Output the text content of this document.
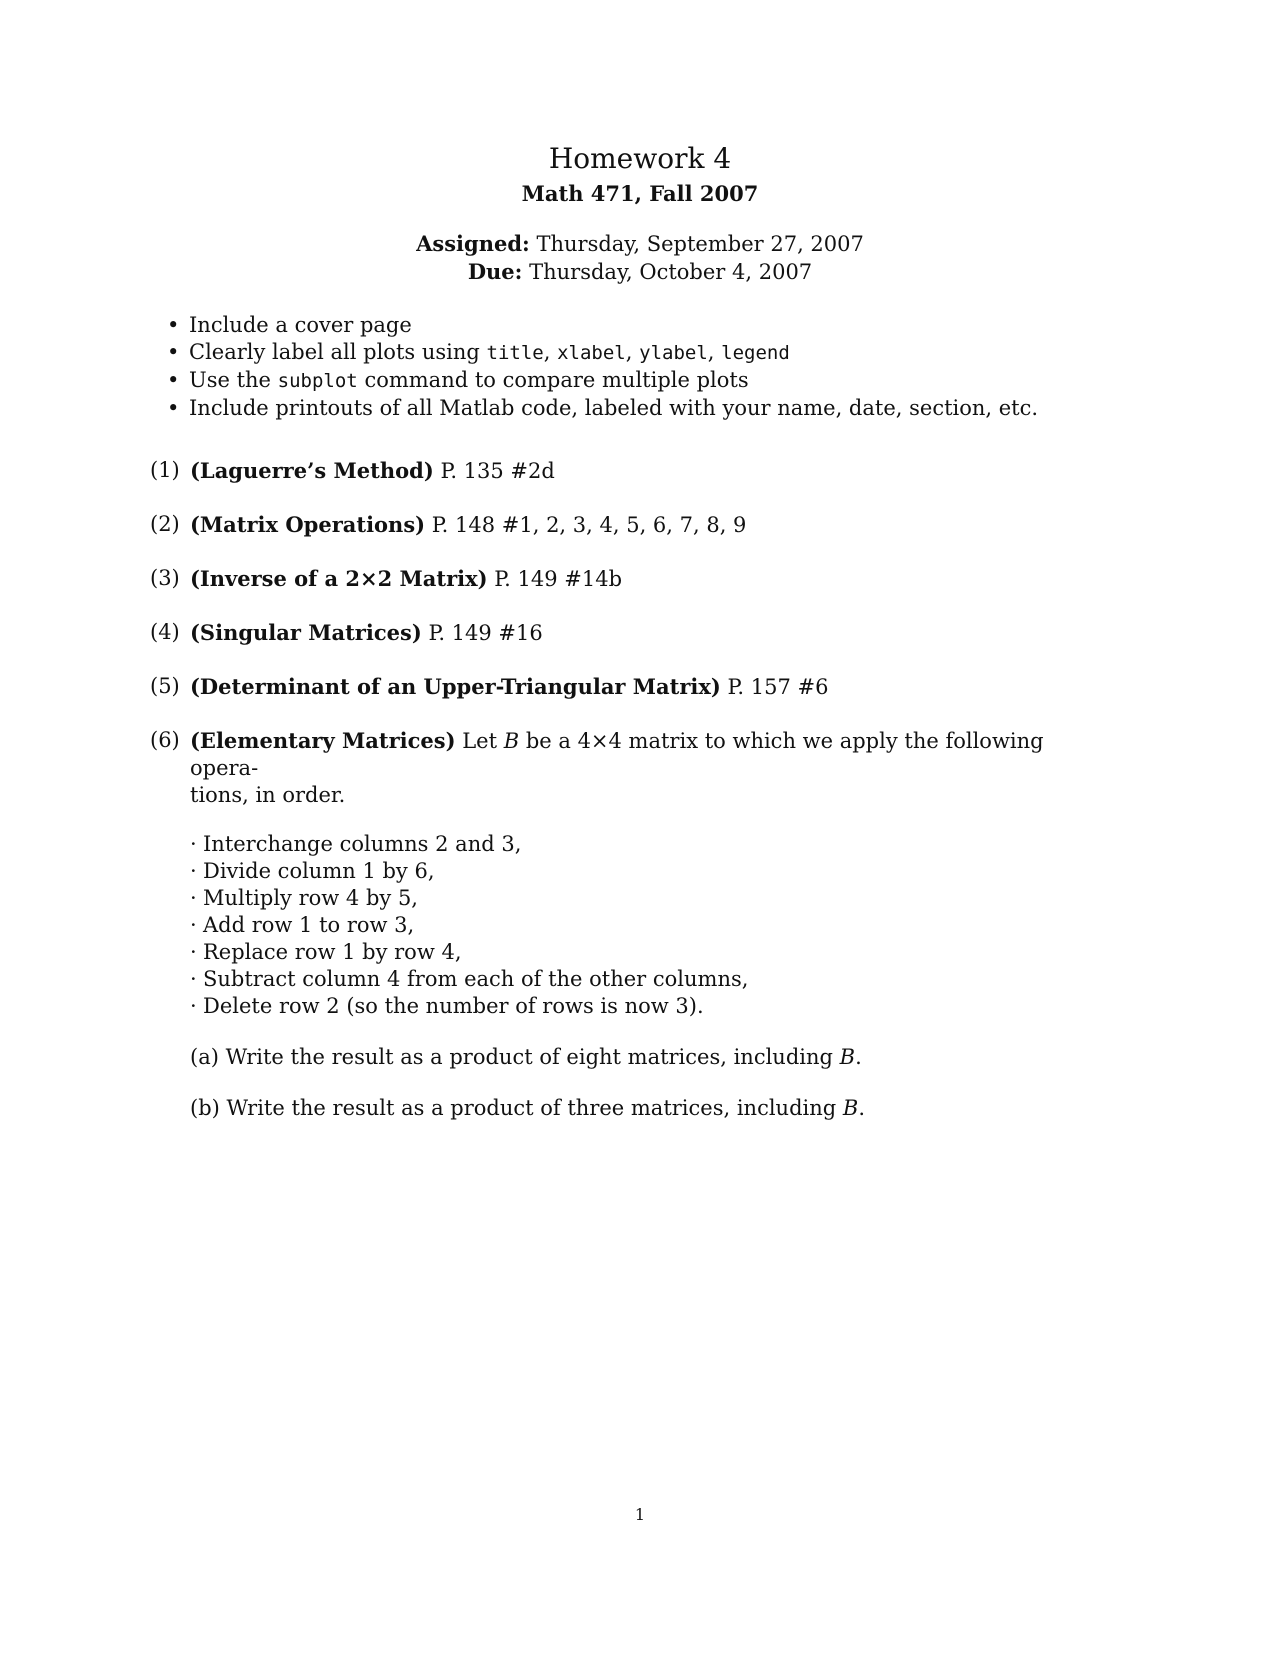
Homework 4
Math 471, Fall 2007
Assigned: Thursday, September 27, 2007
Due: Thursday, October 4, 2007
• Include a cover page
• Clearly label all plots using title, xlabel, ylabel, legend
• Use the subplot command to compare multiple plots
• Include printouts of all Matlab code, labeled with your name, date, section, etc.
(1) (Laguerre’s Method) P. 135 #2d
(2) (Matrix Operations) P. 148 #1, 2, 3, 4, 5, 6, 7, 8, 9
(3) (Inverse of a 2×2 Matrix) P. 149 #14b
(4) (Singular Matrices) P. 149 #16
(5) (Determinant of an Upper-Triangular Matrix) P. 157 #6
(6) (Elementary Matrices) Let B be a 4×4 matrix to which we apply the following opera-
tions, in order.
· Interchange columns 2 and 3,
· Divide column 1 by 6,
· Multiply row 4 by 5,
· Add row 1 to row 3,
· Replace row 1 by row 4,
· Subtract column 4 from each of the other columns,
· Delete row 2 (so the number of rows is now 3).
(a) Write the result as a product of eight matrices, including B.
(b) Write the result as a product of three matrices, including B.
1
